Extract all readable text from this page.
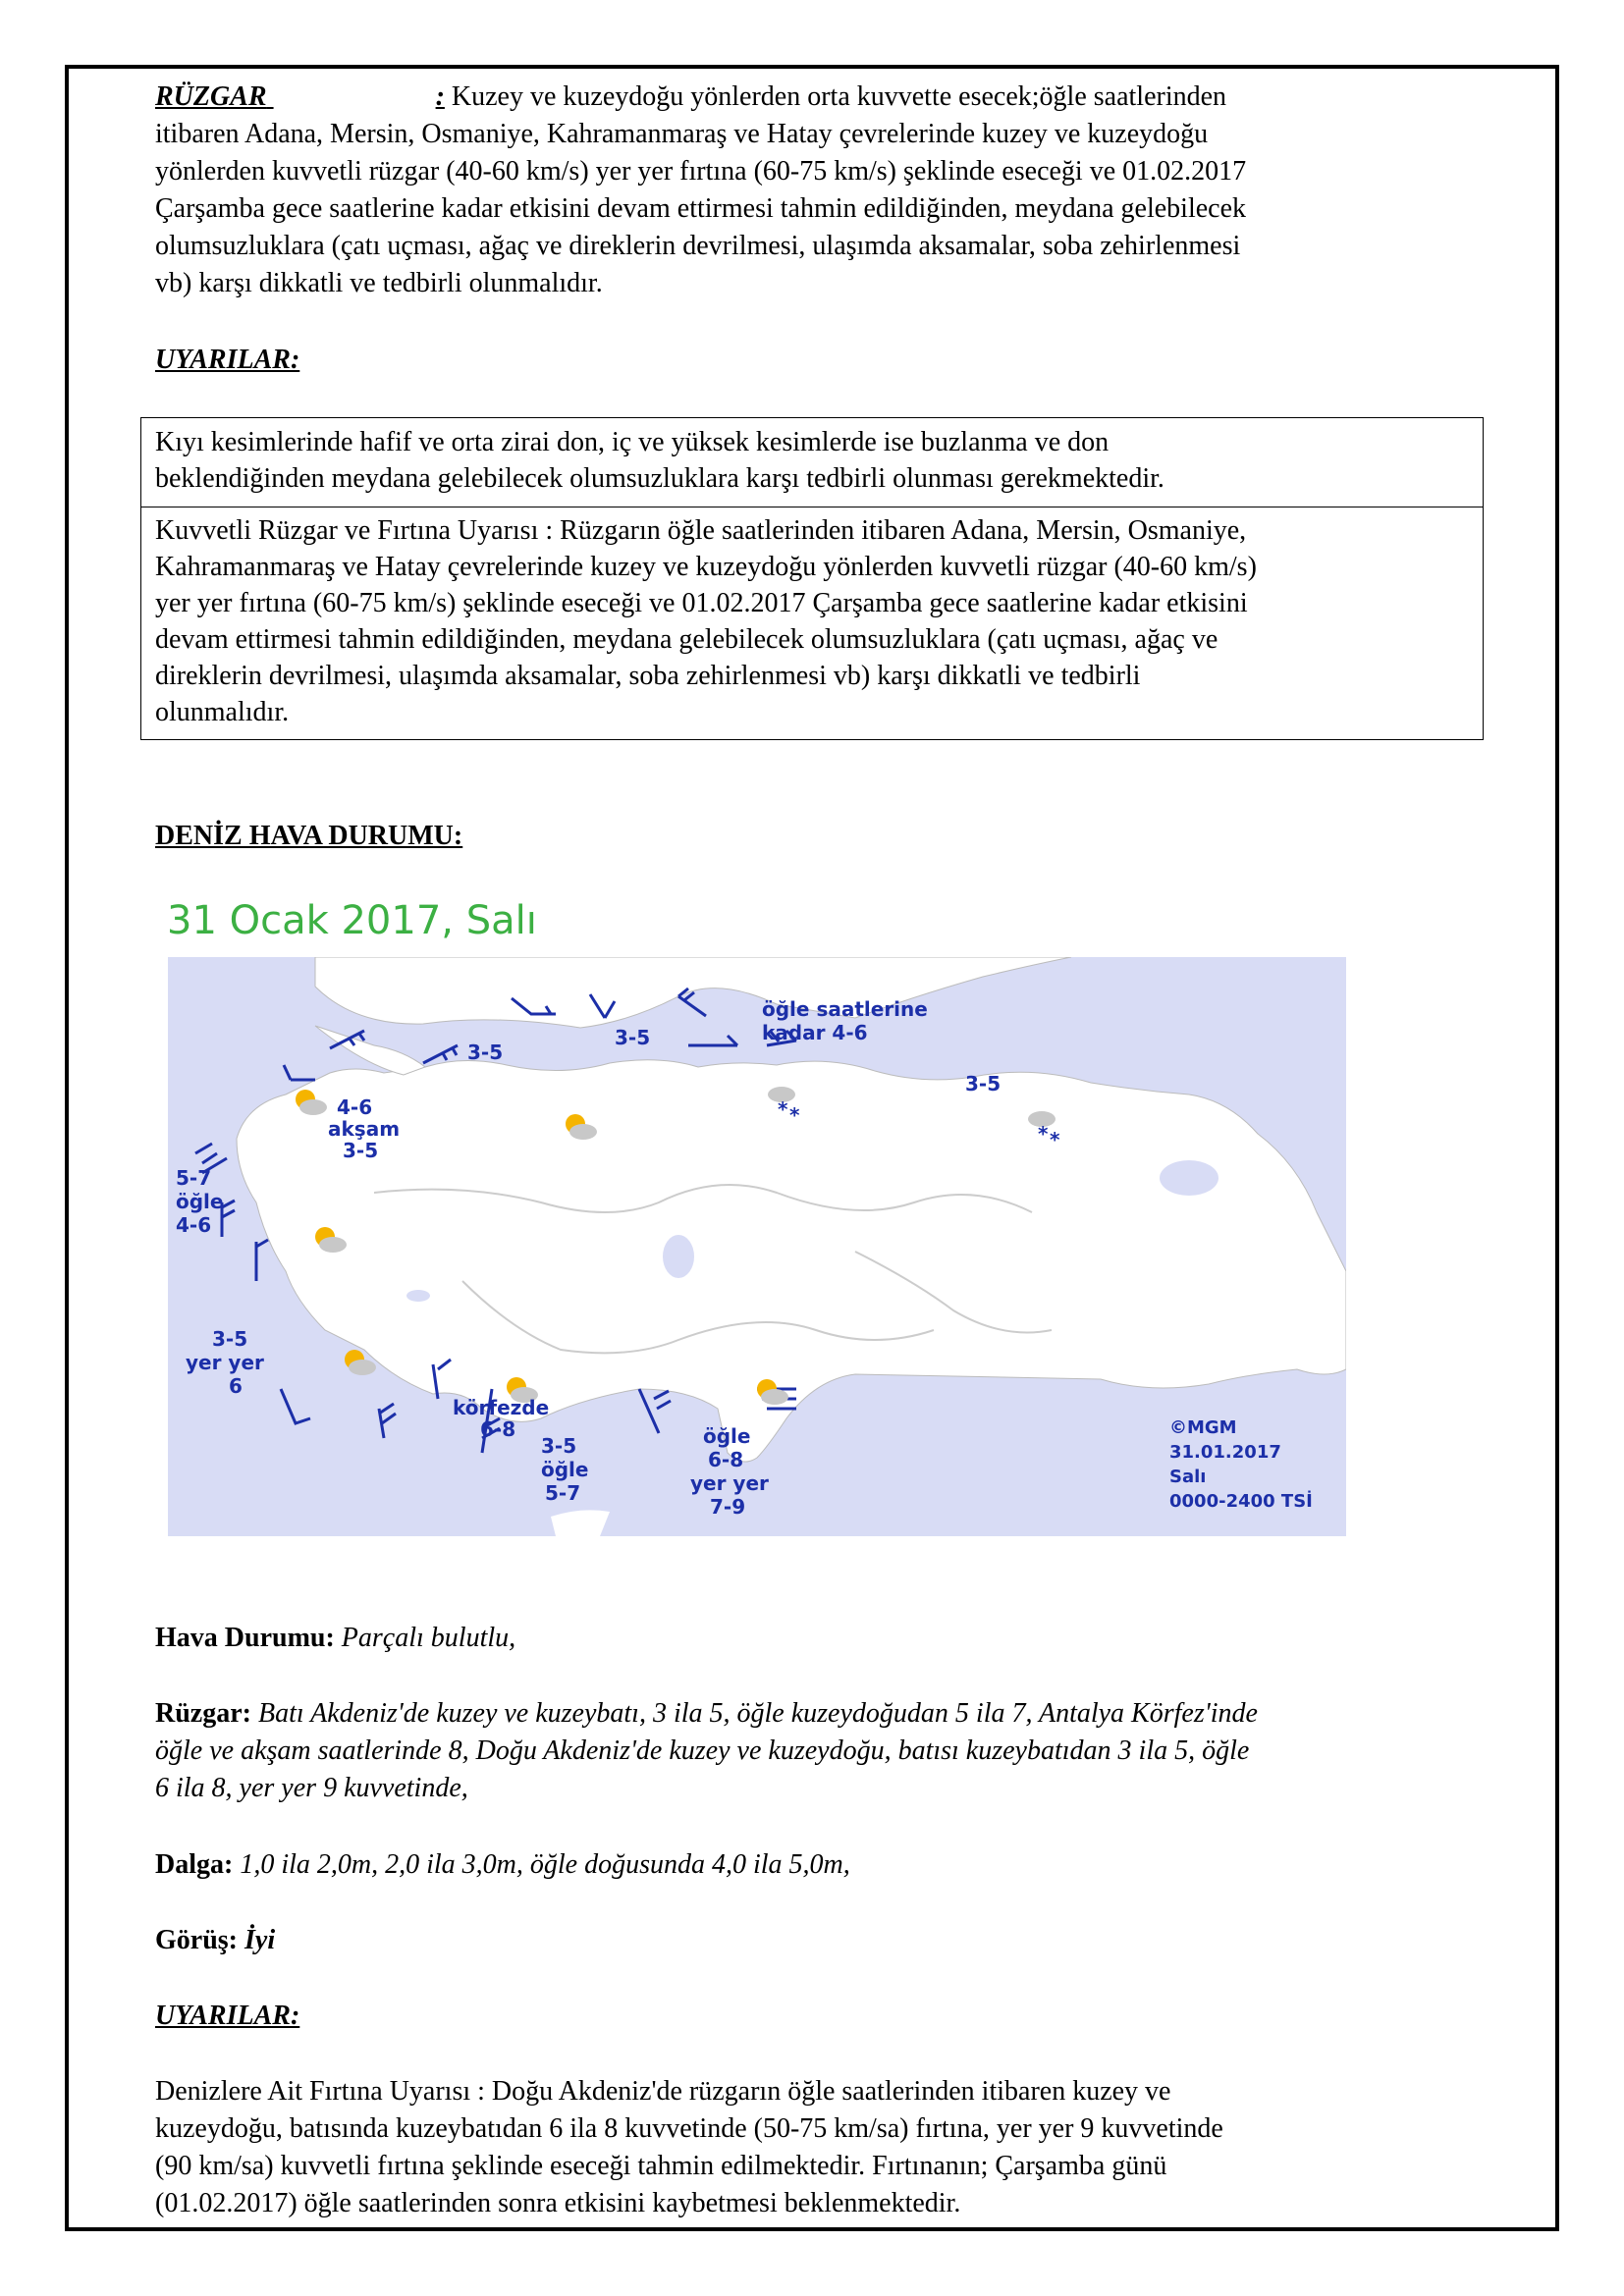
RÜZGAR	: Kuzey ve kuzeydoğu yönlerden orta kuvvette esecek;öğle saatlerinden
itibaren Adana, Mersin, Osmaniye, Kahramanmaraş ve Hatay çevrelerinde kuzey ve kuzeydoğu
yönlerden kuvvetli rüzgar (40-60 km/s) yer yer fırtına (60-75 km/s) şeklinde eseceği ve 01.02.2017
Çarşamba gece saatlerine kadar etkisini devam ettirmesi tahmin edildiğinden, meydana gelebilecek
olumsuzluklara (çatı uçması, ağaç ve direklerin devrilmesi, ulaşımda aksamalar, soba zehirlenmesi
vb) karşı dikkatli ve tedbirli olunmalıdır.
UYARILAR:
Kıyı kesimlerinde hafif ve orta zirai don, iç ve yüksek kesimlerde ise buzlanma ve don
beklendiğinden meydana gelebilecek olumsuzluklara karşı tedbirli olunması gerekmektedir.
Kuvvetli Rüzgar ve Fırtına Uyarısı : Rüzgarın öğle saatlerinden itibaren Adana, Mersin, Osmaniye,
Kahramanmaraş ve Hatay çevrelerinde kuzey ve kuzeydoğu yönlerden kuvvetli rüzgar (40-60 km/s)
yer yer fırtına (60-75 km/s) şeklinde eseceği ve 01.02.2017 Çarşamba gece saatlerine kadar etkisini
devam ettirmesi tahmin edildiğinden, meydana gelebilecek olumsuzluklara (çatı uçması, ağaç ve
direklerin devrilmesi, ulaşımda aksamalar, soba zehirlenmesi vb) karşı dikkatli ve tedbirli
olunmalıdır.
DENİZ HAVA DURUMU:
31 Ocak 2017, Salı
* *
* *
3-5
3-5
3-5
öğle saatlerine
kadar 4-6
4-6
akşam
3-5
5-7
öğle
4-6
3-5
yer yer
6
körfezde
6-8
3-5
öğle
5-7
öğle
6-8
yer yer
7-9
©MGM
31.01.2017
Salı
0000-2400 TSİ
Hava Durumu: Parçalı bulutlu,
Rüzgar: Batı Akdeniz'de kuzey ve kuzeybatı, 3 ila 5, öğle kuzeydoğudan 5 ila 7, Antalya Körfez'inde
öğle ve akşam saatlerinde 8, Doğu Akdeniz'de kuzey ve kuzeydoğu, batısı kuzeybatıdan 3 ila 5, öğle
6 ila 8, yer yer 9 kuvvetinde,
Dalga: 1,0 ila 2,0m, 2,0 ila 3,0m, öğle doğusunda 4,0 ila 5,0m,
Görüş: İyi
UYARILAR:
Denizlere Ait Fırtına Uyarısı : Doğu Akdeniz'de rüzgarın öğle saatlerinden itibaren kuzey ve
kuzeydoğu, batısında kuzeybatıdan 6 ila 8 kuvvetinde (50-75 km/sa) fırtına, yer yer 9 kuvvetinde
(90 km/sa) kuvvetli fırtına şeklinde eseceği tahmin edilmektedir. Fırtınanın; Çarşamba günü
(01.02.2017) öğle saatlerinden sonra etkisini kaybetmesi beklenmektedir.
